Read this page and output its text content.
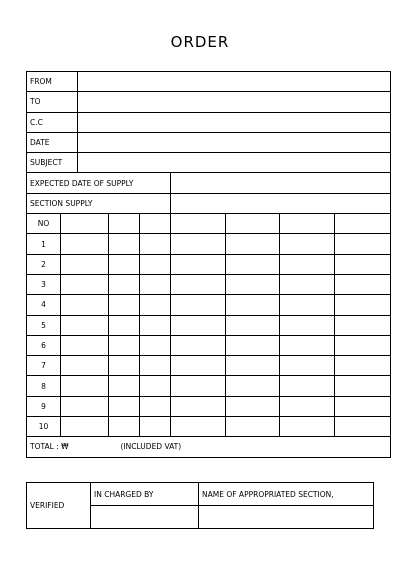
ORDER
FROM								
TO								
C.C								
DATE								
SUBJECT								
EXPECTED DATE OF SUPPLY								
SECTION SUPPLY								
NO								
1								
2								
3								
4								
5								
6								
7								
8								
9								
10								
TOTAL : ₩ (INCLUDED VAT)								
VERIFIED	IN CHARGED BY	NAME OF APPROPRIATED SECTION,
